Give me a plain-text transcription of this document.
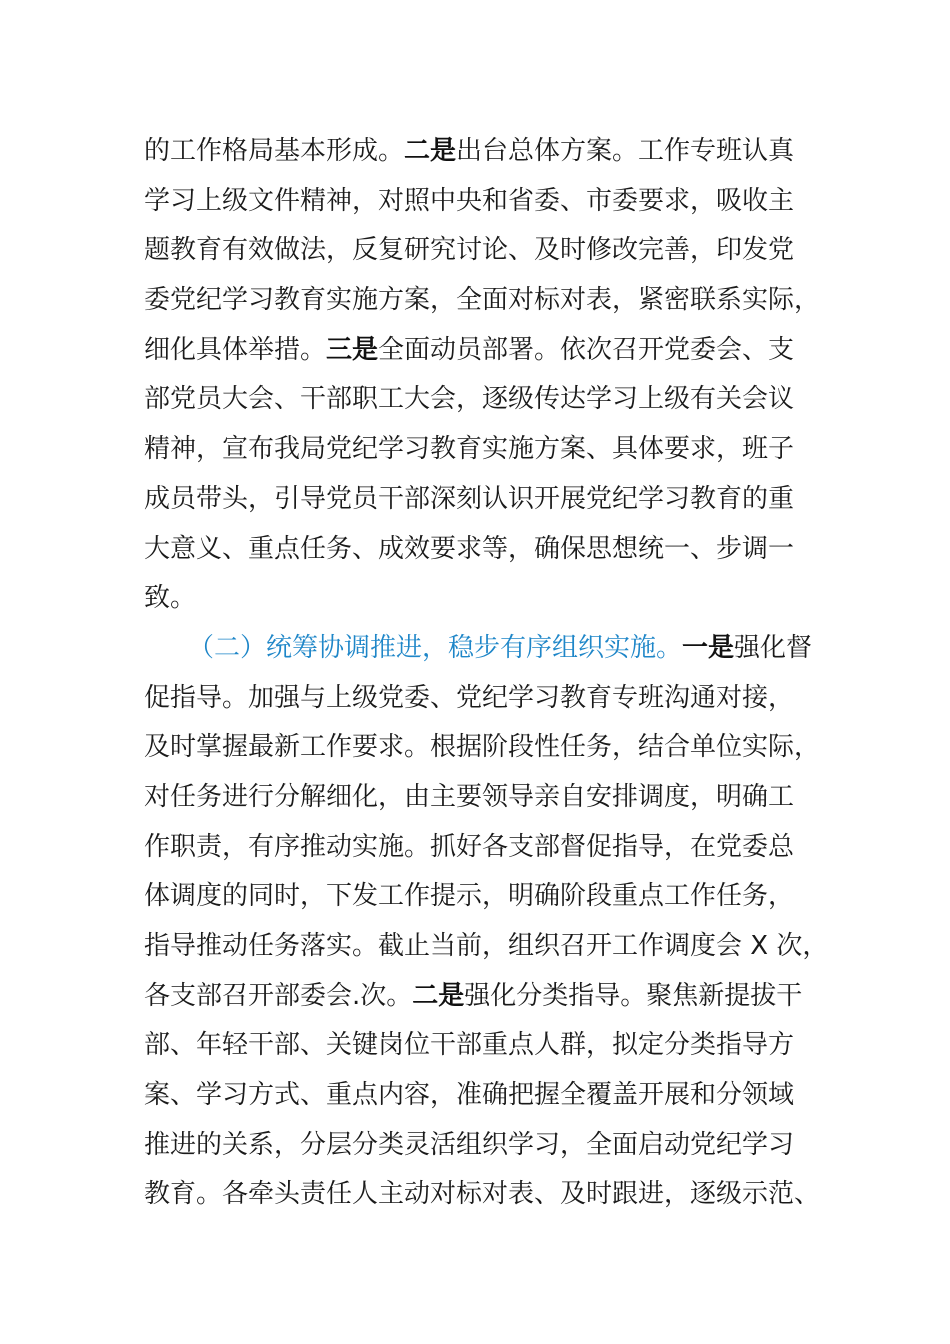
的工作格局基本形成。二是出台总体方案。工作专班认真
学习上级文件精神，对照中央和省委、市委要求，吸收主
题教育有效做法，反复研究讨论、及时修改完善，印发党
委党纪学习教育实施方案，全面对标对表，紧密联系实际，
细化具体举措。三是全面动员部署。依次召开党委会、支
部党员大会、干部职工大会，逐级传达学习上级有关会议
精神，宣布我局党纪学习教育实施方案、具体要求，班子
成员带头，引导党员干部深刻认识开展党纪学习教育的重
大意义、重点任务、成效要求等，确保思想统一、步调一
致。
（二）统筹协调推进，稳步有序组织实施。一是强化督
促指导。加强与上级党委、党纪学习教育专班沟通对接，
及时掌握最新工作要求。根据阶段性任务，结合单位实际，
对任务进行分解细化，由主要领导亲自安排调度，明确工
作职责，有序推动实施。抓好各支部督促指导，在党委总
体调度的同时，下发工作提示，明确阶段重点工作任务，
指导推动任务落实。截止当前，组织召开工作调度会 X 次，
各支部召开部委会.次。二是强化分类指导。聚焦新提拔干
部、年轻干部、关键岗位干部重点人群，拟定分类指导方
案、学习方式、重点内容，准确把握全覆盖开展和分领域
推进的关系，分层分类灵活组织学习，全面启动党纪学习
教育。各牵头责任人主动对标对表、及时跟进，逐级示范、
